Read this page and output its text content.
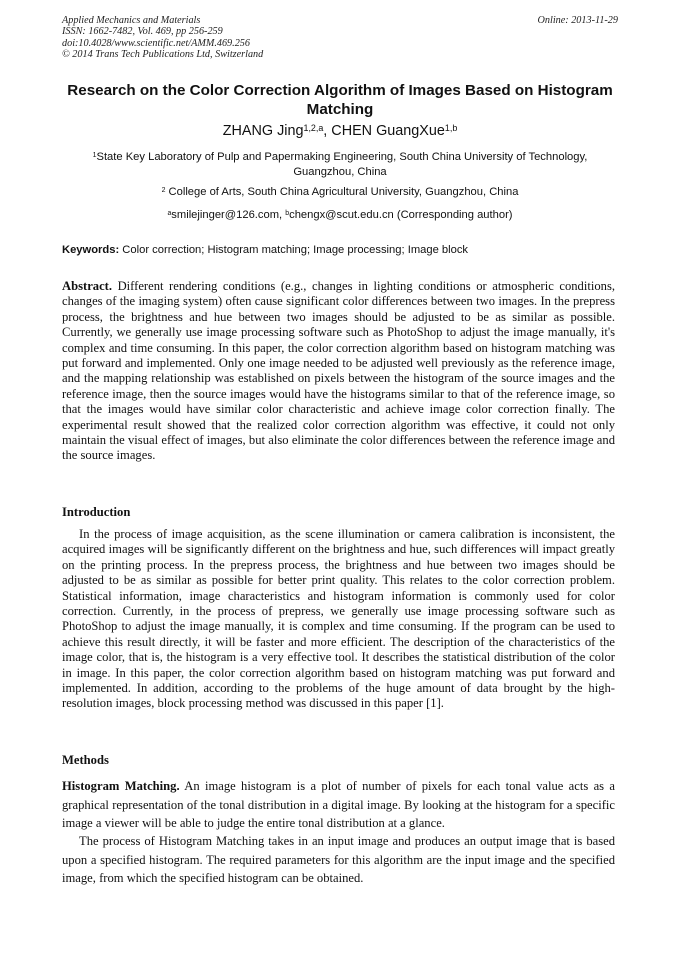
Applied Mechanics and Materials
ISSN: 1662-7482, Vol. 469, pp 256-259
doi:10.4028/www.scientific.net/AMM.469.256
© 2014 Trans Tech Publications Ltd, Switzerland
Online: 2013-11-29
Research on the Color Correction Algorithm of Images Based on Histogram Matching
ZHANG Jing$^{1,2,a}$, CHEN GuangXue$^{1,b}$
$^1$State Key Laboratory of Pulp and Papermaking Engineering, South China University of Technology, Guangzhou, China
$^2$ College of Arts, South China Agricultural University, Guangzhou, China
$^a$smilejinger@126.com, $^b$chengx@scut.edu.cn (Corresponding author)
Keywords: Color correction; Histogram matching; Image processing; Image block
Abstract. Different rendering conditions (e.g., changes in lighting conditions or atmospheric conditions, changes of the imaging system) often cause significant color differences between two images. In the prepress process, the brightness and hue between two images should be adjusted to be as similar as possible. Currently, we generally use image processing software such as PhotoShop to adjust the image manually, it's complex and time consuming. In this paper, the color correction algorithm based on histogram matching was put forward and implemented. Only one image needed to be adjusted well previously as the reference image, and the mapping relationship was established on pixels between the histogram of the source images and the reference image, then the source images would have the histograms similar to that of the reference image, so that the images would have similar color characteristic and achieve image color correction finally. The experimental result showed that the realized color correction algorithm was effective, it could not only maintain the visual effect of images, but also eliminate the color differences between the reference image and the source images.
Introduction
In the process of image acquisition, as the scene illumination or camera calibration is inconsistent, the acquired images will be significantly different on the brightness and hue, such differences will impact greatly on the printing process. In the prepress process, the brightness and hue between two images should be adjusted to be as similar as possible for better print quality. This relates to the color correction problem. Statistical information, image characteristics and histogram information is commonly used for color correction. Currently, in the process of prepress, we generally use image processing software such as PhotoShop to adjust the image manually, it is complex and time consuming. If the program can be used to achieve this result directly, it will be faster and more efficient. The description of the characteristics of the image color, that is, the histogram is a very effective tool. It describes the statistical distribution of the color in image. In this paper, the color correction algorithm based on histogram matching was put forward and implemented. In addition, according to the problems of the huge amount of data brought by the high-resolution images, block processing method was discussed in this paper [1].
Methods
Histogram Matching. An image histogram is a plot of number of pixels for each tonal value acts as a graphical representation of the tonal distribution in a digital image. By looking at the histogram for a specific image a viewer will be able to judge the entire tonal distribution at a glance.
The process of Histogram Matching takes in an input image and produces an output image that is based upon a specified histogram. The required parameters for this algorithm are the input image and the specified image, from which the specified histogram can be obtained.
